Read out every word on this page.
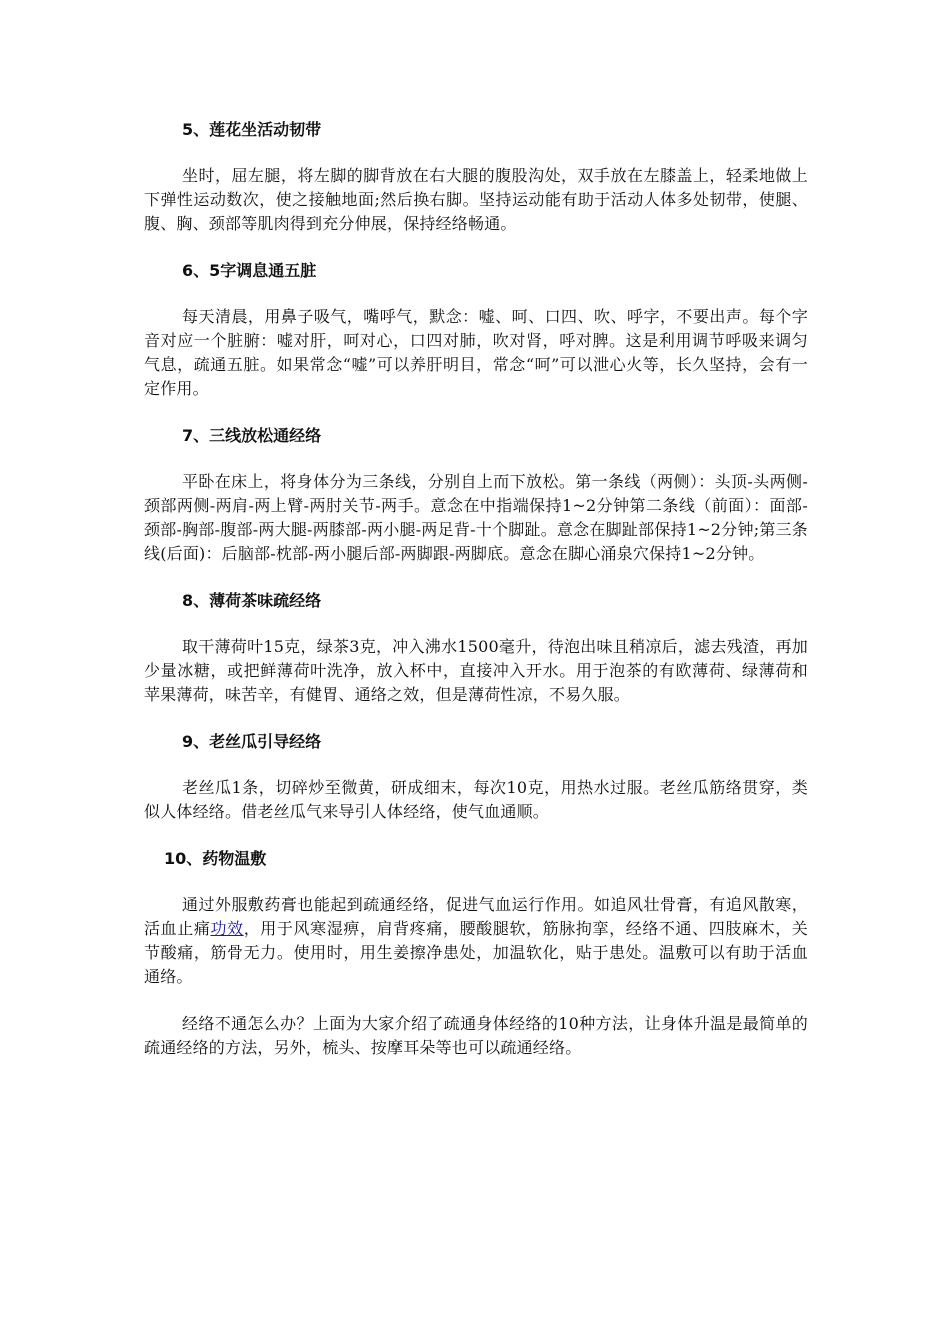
5、莲花坐活动韧带

坐时，屈左腿，将左脚的脚背放在右大腿的腹股沟处，双手放在左膝盖上，轻柔地做上下弹性运动数次，使之接触地面;然后换右脚。坚持运动能有助于活动人体多处韧带，使腿、腹、胸、颈部等肌肉得到充分伸展，保持经络畅通。

6、5字调息通五脏

每天清晨，用鼻子吸气，嘴呼气，默念：嘘、呵、口四、吹、呼字，不要出声。每个字音对应一个脏腑：嘘对肝，呵对心，口四对肺，吹对肾，呼对脾。这是利用调节呼吸来调匀气息，疏通五脏。如果常念“嘘”可以养肝明目，常念“呵”可以泄心火等，长久坚持，会有一定作用。

7、三线放松通经络

平卧在床上，将身体分为三条线，分别自上而下放松。第一条线（两侧）：头顶-头两侧-颈部两侧-两肩-两上臂-两肘关节-两手。意念在中指端保持1~2分钟第二条线（前面）：面部-颈部-胸部-腹部-两大腿-两膝部-两小腿-两足背-十个脚趾。意念在脚趾部保持1~2分钟;第三条线(后面)：后脑部-枕部-两小腿后部-两脚跟-两脚底。意念在脚心涌泉穴保持1~2分钟。

8、薄荷茶味疏经络

取干薄荷叶15克，绿茶3克，冲入沸水1500毫升，待泡出味且稍凉后，滤去残渣，再加少量冰糖，或把鲜薄荷叶洗净，放入杯中，直接冲入开水。用于泡茶的有欧薄荷、绿薄荷和苹果薄荷，味苦辛，有健胃、通络之效，但是薄荷性凉，不易久服。

9、老丝瓜引导经络

老丝瓜1条，切碎炒至微黄，研成细末，每次10克，用热水过服。老丝瓜筋络贯穿，类似人体经络。借老丝瓜气来导引人体经络，使气血通顺。

10、药物温敷

通过外服敷药膏也能起到疏通经络，促进气血运行作用。如追风壮骨膏，有追风散寒，活血止痛功效，用于风寒湿痹，肩背疼痛，腰酸腿软，筋脉拘挛，经络不通、四肢麻木，关节酸痛，筋骨无力。使用时，用生姜擦净患处，加温软化，贴于患处。温敷可以有助于活血通络。

经络不通怎么办？上面为大家介绍了疏通身体经络的10种方法，让身体升温是最简单的疏通经络的方法，另外，梳头、按摩耳朵等也可以疏通经络。
